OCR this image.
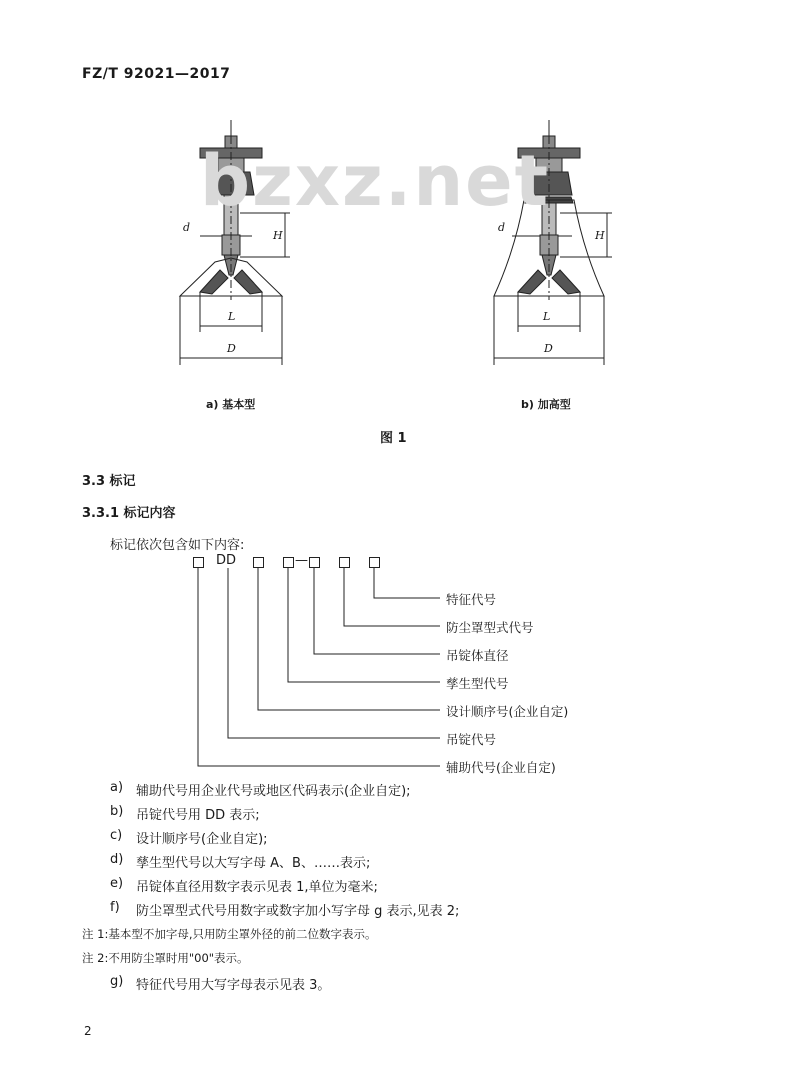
FZ/T 92021—2017
bzxz.net
d
H
L
D
d
H
L
D
a) 基本型	b) 加高型
图 1
3.3 标记
3.3.1 标记内容
标记依次包含如下内容:
DD	—
特征代号
防尘罩型式代号
吊锭体直径
孳生型代号
设计顺序号(企业自定)
吊锭代号
辅助代号(企业自定)
a) 辅助代号用企业代号或地区代码表示(企业自定);
b) 吊锭代号用 DD 表示;
c) 设计顺序号(企业自定);
d) 孳生型代号以大写字母 A、B、……表示;
e) 吊锭体直径用数字表示见表 1,单位为毫米;
f) 防尘罩型式代号用数字或数字加小写字母 g 表示,见表 2;
注 1:基本型不加字母,只用防尘罩外径的前二位数字表示。
注 2:不用防尘罩时用"00"表示。
g) 特征代号用大写字母表示见表 3。
2
